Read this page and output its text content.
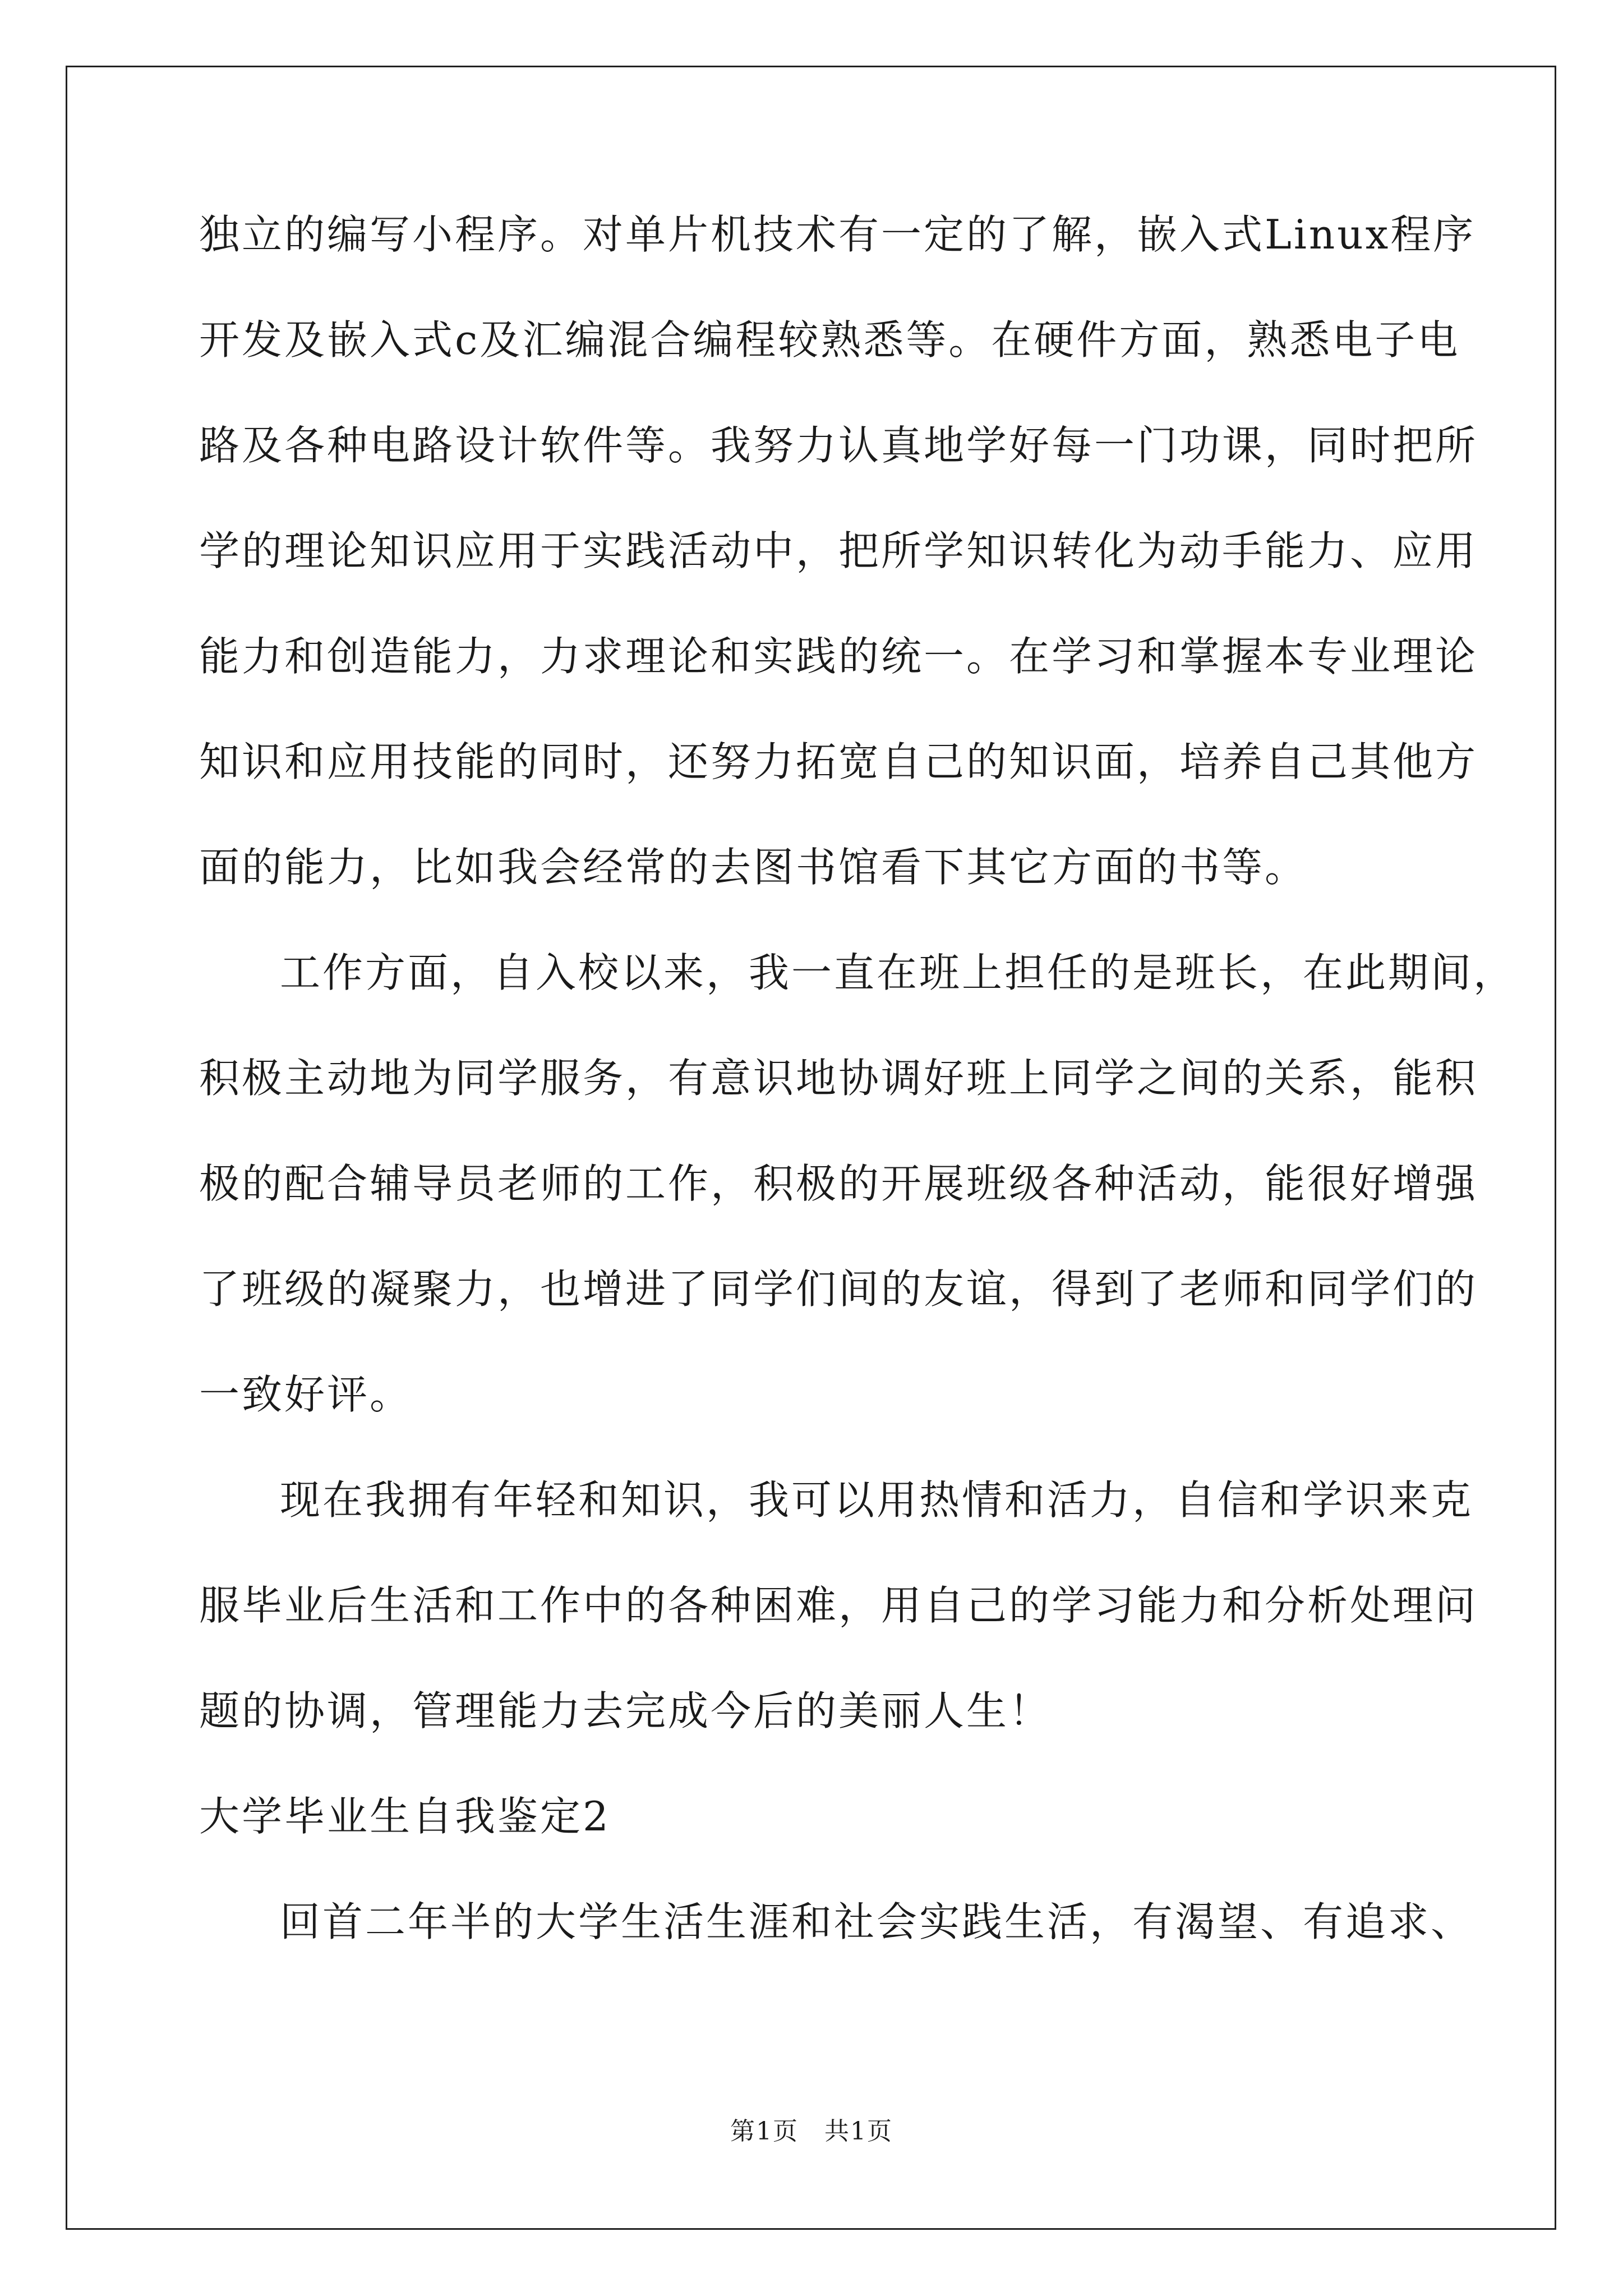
独立的编写小程序。对单片机技术有一定的了解，嵌入式Linux程序
开发及嵌入式c及汇编混合编程较熟悉等。在硬件方面，熟悉电子电
路及各种电路设计软件等。我努力认真地学好每一门功课，同时把所
学的理论知识应用于实践活动中，把所学知识转化为动手能力、应用
能力和创造能力，力求理论和实践的统一。在学习和掌握本专业理论
知识和应用技能的同时，还努力拓宽自己的知识面，培养自己其他方
面的能力，比如我会经常的去图书馆看下其它方面的书等。
工作方面，自入校以来，我一直在班上担任的是班长，在此期间，
积极主动地为同学服务，有意识地协调好班上同学之间的关系，能积
极的配合辅导员老师的工作，积极的开展班级各种活动，能很好增强
了班级的凝聚力，也增进了同学们间的友谊，得到了老师和同学们的
一致好评。
现在我拥有年轻和知识，我可以用热情和活力，自信和学识来克
服毕业后生活和工作中的各种困难，用自己的学习能力和分析处理问
题的协调，管理能力去完成今后的美丽人生！
大学毕业生自我鉴定2
回首二年半的大学生活生涯和社会实践生活，有渴望、有追求、
第1页　共1页
